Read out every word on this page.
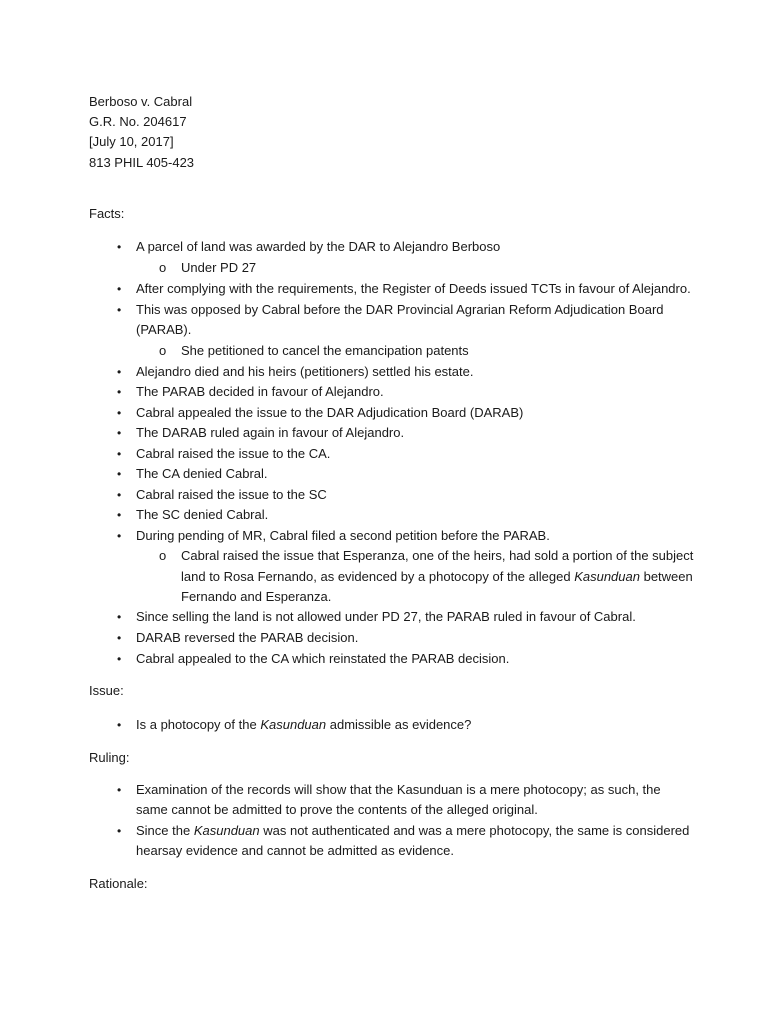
Berboso v. Cabral
G.R. No. 204617
[July 10, 2017]
813 PHIL 405-423
Facts:
• A parcel of land was awarded by the DAR to Alejandro Berboso
o Under PD 27
• After complying with the requirements, the Register of Deeds issued TCTs in favour of Alejandro.
• This was opposed by Cabral before the DAR Provincial Agrarian Reform Adjudication Board
(PARAB).
o She petitioned to cancel the emancipation patents
• Alejandro died and his heirs (petitioners) settled his estate.
• The PARAB decided in favour of Alejandro.
• Cabral appealed the issue to the DAR Adjudication Board (DARAB)
• The DARAB ruled again in favour of Alejandro.
• Cabral raised the issue to the CA.
• The CA denied Cabral.
• Cabral raised the issue to the SC
• The SC denied Cabral.
• During pending of MR, Cabral filed a second petition before the PARAB.
o Cabral raised the issue that Esperanza, one of the heirs, had sold a portion of the subject
land to Rosa Fernando, as evidenced by a photocopy of the alleged Kasunduan between
Fernando and Esperanza.
• Since selling the land is not allowed under PD 27, the PARAB ruled in favour of Cabral.
• DARAB reversed the PARAB decision.
• Cabral appealed to the CA which reinstated the PARAB decision.
Issue:
• Is a photocopy of the Kasunduan admissible as evidence?
Ruling:
• Examination of the records will show that the Kasunduan is a mere photocopy; as such, the
same cannot be admitted to prove the contents of the alleged original.
• Since the Kasunduan was not authenticated and was a mere photocopy, the same is considered
hearsay evidence and cannot be admitted as evidence.
Rationale:
